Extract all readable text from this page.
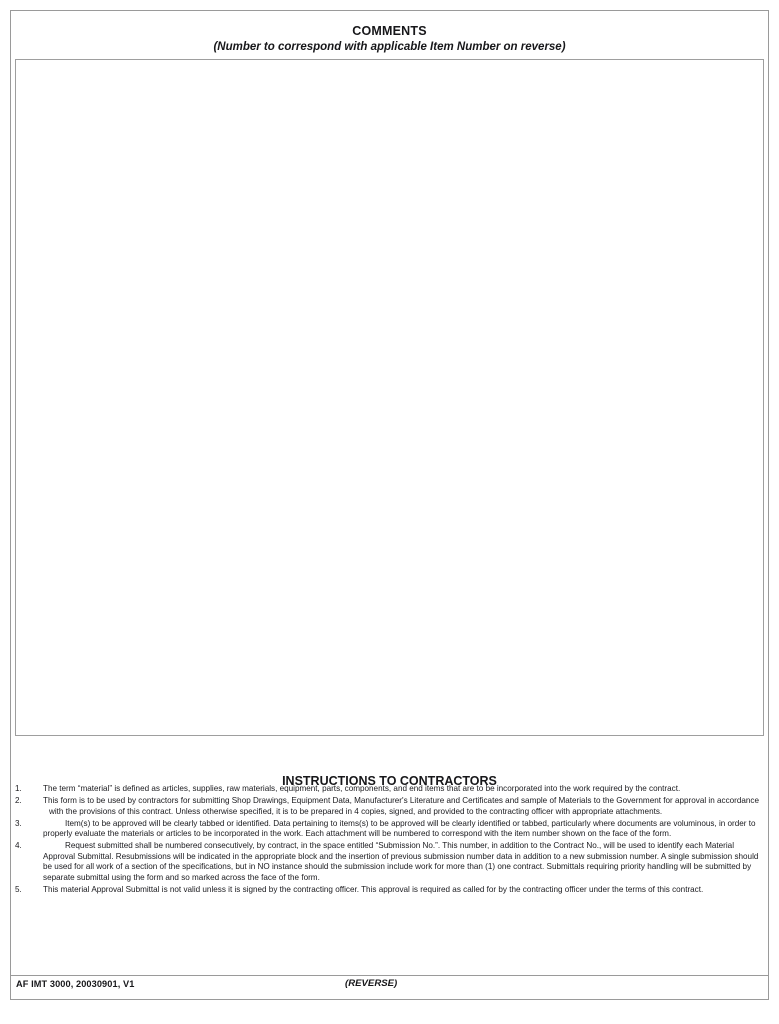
COMMENTS
(Number to correspond with applicable Item Number on reverse)
INSTRUCTIONS TO CONTRACTORS
1.	The term “material” is defined as articles, supplies, raw materials, equipment, parts, components, and end items that are to be incorporated into the work required by the contract.
2.	This form is to be used by contractors for submitting Shop Drawings, Equipment Data, Manufacturer's Literature and Certificates and sample of Materials to the Government for approval in accordance with the provisions of this contract. Unless otherwise specified, it is to be prepared in 4 copies, signed, and provided to the contracting officer with appropriate attachments.
3.	Item(s) to be approved will be clearly tabbed or identified. Data pertaining to items(s) to be approved will be clearly identified or tabbed, particularly where documents are voluminous, in order to properly evaluate the materials or articles to be incorporated in the work. Each attachment will be numbered to correspond with the item number shown on the face of the form.
4.	Request submitted shall be numbered consecutively, by contract, in the space entitled “Submission No.”. This number, in addition to the Contract No., will be used to identify each Material Approval Submittal. Resubmissions will be indicated in the appropriate block and the insertion of previous submission number data in addition to a new submission number. A single submission should be used for all work of a section of the specifications, but in NO instance should the submission include work for more than (1) one contract. Submittals requiring priority handling will be submitted by separate submittal using the form and so marked across the face of the form.
5.	This material Approval Submittal is not valid unless it is signed by the contracting officer. This approval is required as called for by the contracting officer under the terms of this contract.
AF IMT 3000, 20030901, V1	(REVERSE)
